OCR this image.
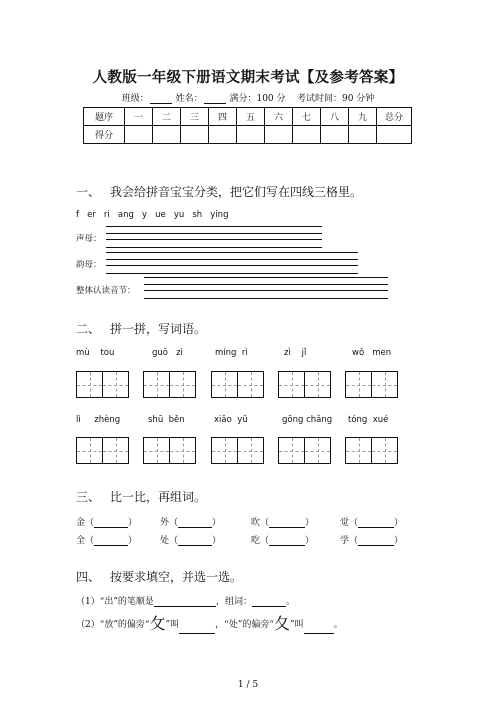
人教版一年级下册语文期末考试【及参考答案】
班级：	姓名：	满分：100 分 考试时间：90 分钟
题序	一	二	三	四	五	六	七	八	九	总分
得分										
一、 我会给拼音宝宝分类，把它们写在四线三格里。
f   er   ri   ang   y   ue   yu   sh   ying
声母：
韵母：
整体认读音节：
二、 拼一拼，写词语。
mù    tou	guǒ   zi	míng  rì	zì    jǐ	wǒ   men
lì     zhèng	shū  běn	xiǎo  yǔ	gōng chǎng tóng  xué
三、 比一比，再组词。
金（	）	外（	）	吹（	）	觉（	）
全（	）	处（	）	吃（	）	学（	）
四、 按要求填空，并选一选。
（1）“出”的笔顺是	，组词：	。
（2）“放”的偏旁“攵”叫	，“处”的偏旁“夂”叫	。
1 / 5
